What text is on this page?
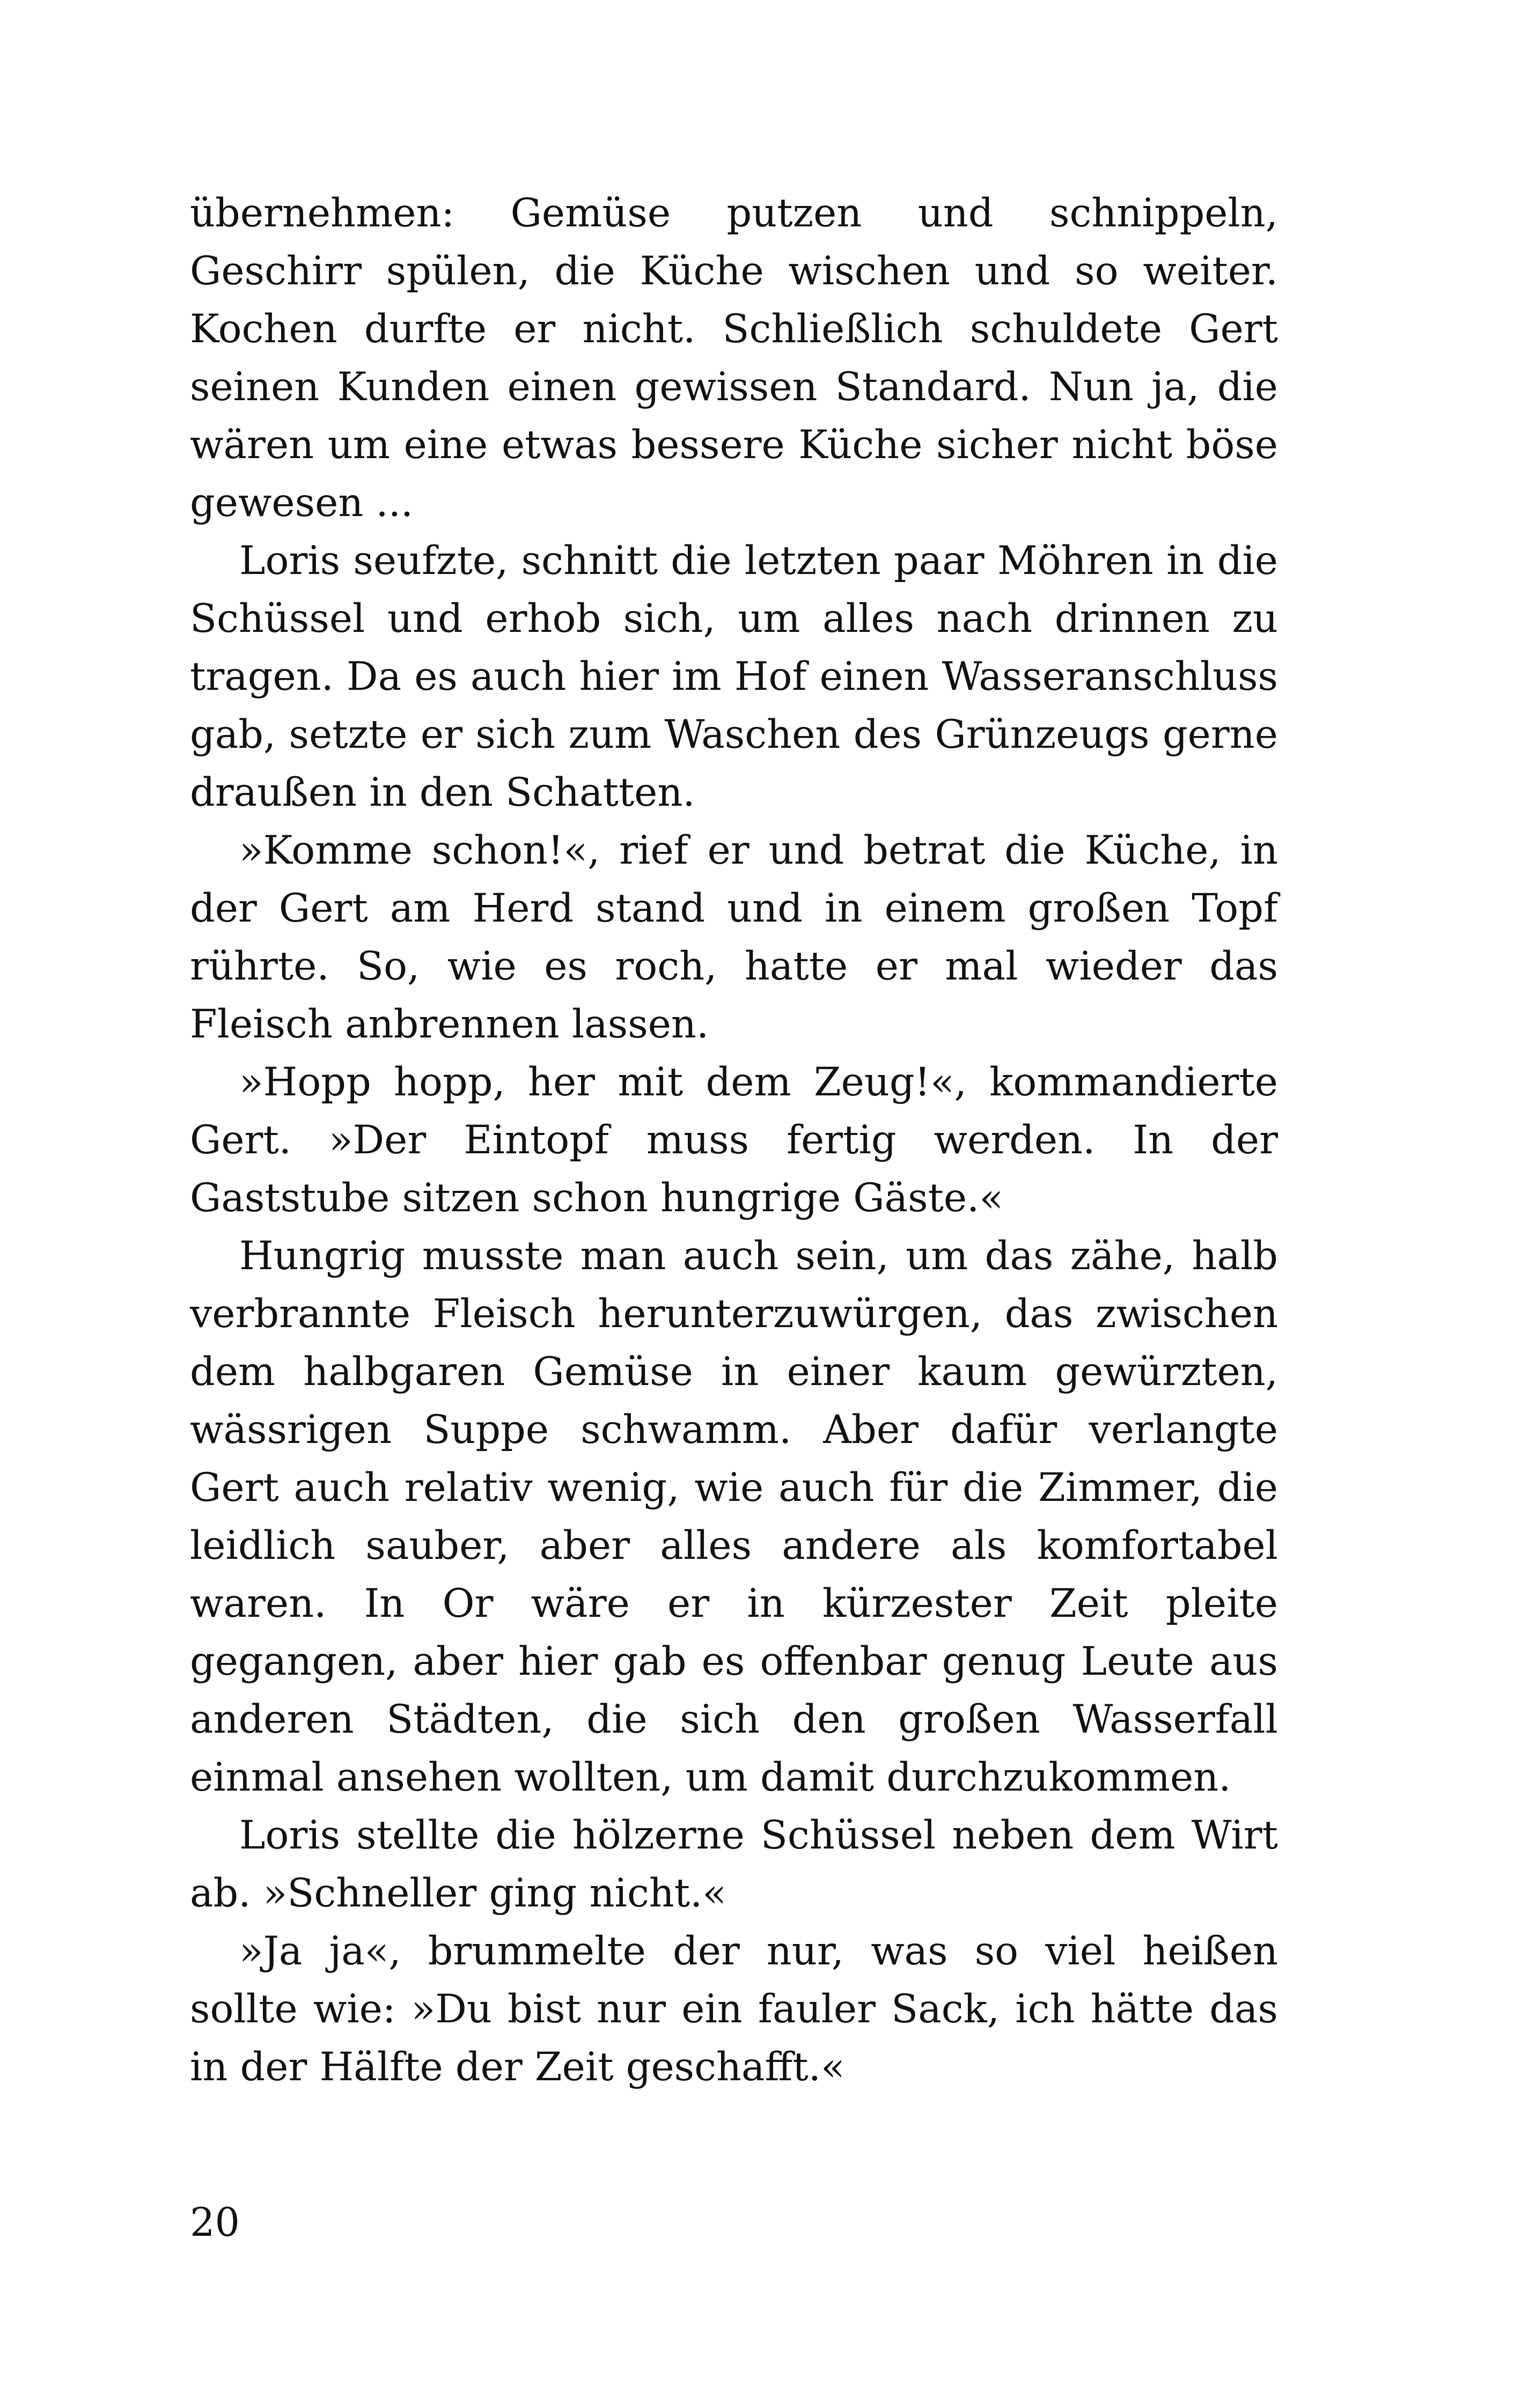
übernehmen: Gemüse putzen und schnippeln, Geschirr spülen, die Küche wischen und so weiter. Kochen durfte er nicht. Schließlich schuldete Gert seinen Kunden einen gewissen Standard. Nun ja, die wären um eine etwas bessere Küche sicher nicht böse gewesen ...

Loris seufzte, schnitt die letzten paar Möhren in die Schüssel und erhob sich, um alles nach drinnen zu tragen. Da es auch hier im Hof einen Wasseranschluss gab, setzte er sich zum Waschen des Grünzeugs gerne draußen in den Schatten.

»Komme schon!«, rief er und betrat die Küche, in der Gert am Herd stand und in einem großen Topf rührte. So, wie es roch, hatte er mal wieder das Fleisch anbrennen lassen.

»Hopp hopp, her mit dem Zeug!«, kommandierte Gert. »Der Eintopf muss fertig werden. In der Gaststube sitzen schon hungrige Gäste.«

Hungrig musste man auch sein, um das zähe, halb verbrannte Fleisch herunterzuwürgen, das zwischen dem halbgaren Gemüse in einer kaum gewürzten, wässrigen Suppe schwamm. Aber dafür verlangte Gert auch relativ wenig, wie auch für die Zimmer, die leidlich sauber, aber alles andere als komfortabel waren. In Or wäre er in kürzester Zeit pleite gegangen, aber hier gab es offenbar genug Leute aus anderen Städten, die sich den großen Wasserfall einmal ansehen wollten, um damit durchzukommen.

Loris stellte die hölzerne Schüssel neben dem Wirt ab. »Schneller ging nicht.«

»Ja ja«, brummelte der nur, was so viel heißen sollte wie: »Du bist nur ein fauler Sack, ich hätte das in der Hälfte der Zeit geschafft.«

20
